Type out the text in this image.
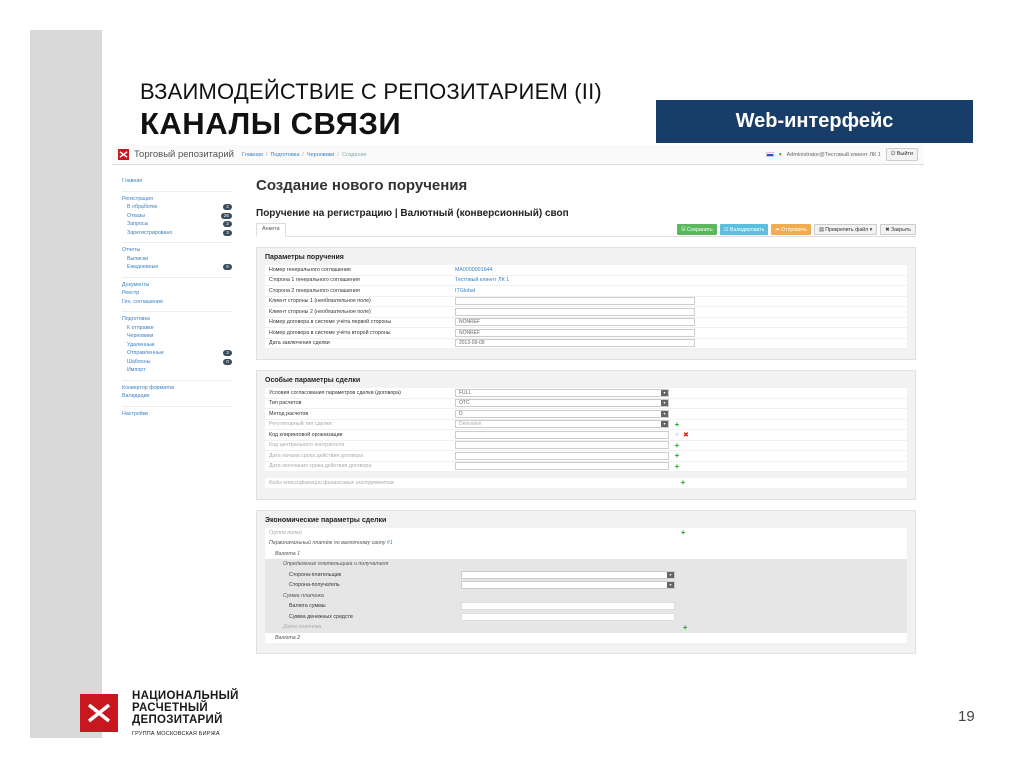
ВЗАИМОДЕЙСТВИЕ С РЕПОЗИТАРИЕМ (II)
КАНАЛЫ СВЯЗИ	Web-интерфейс
Торговый репозитарий Главная / Подготовка / Черновики / Создание	▾ Administrator@Тестовый клиент ЛК 1	⏻ Выйти
Главная
Регистрация
В обработке	2
Отказы	26
Запросы	2
Зарегистрировано	3
Отчеты
Выписки
Ежедневные	6
Документы
Реестр
Ген. соглашения
Подготовка
К отправке
Черновики
Удаленные
Отправленные	3
Шаблоны	0
Импорт
Конвертор форматов
Валидация
Настройки
Создание нового поручения
Поручение на регистрацию | Валютный (конверсионный) своп
Анкета	🖫
Сохранить ☑
Валидировать ➦
Отправить ▤
Прикрепить файл ▾	✖
Закрыть
Параметры поручения
Номер генерального соглашения	MA0000001644
Сторона 1 генерального соглашения	Тестовый клиент ЛК 1
Сторона 2 генерального соглашения	ITGlobal
Клиент стороны 1 (необязательное поле)
Клиент стороны 2 (необязательное поле)
Номер договора в системе учёта первой стороны	NONREF
Номер договора в системе учёта второй стороны	NONREF
Дата заключения сделки	2013-09-09
Особые параметры сделки
Условия согласования параметров сделки (договора)	FULL	▾
Тип расчетов	OTC	▾
Метод расчетов	D	▾
Регуляторный тип сделки	Derivative	▾	+
Код клиринговой организации	+ ✖
Код центрального контрагента	+
Дата начала срока действия договора	+
Дата окончания срока действия договора	+
Коды классификации финансовых инструментов	+
Экономические параметры сделки
Группа полей	+
Первоначальный платёж по валютному свопу
#1
Валюта 1
Определение плательщика и получателя
Сторона-плательщик	▾
Сторона-получатель	▾
Сумма платежа
Валюта суммы
Сумма денежных средств
Дата платежа	+
Валюта 2
НАЦИОНАЛЬНЫЙ
РАСЧЕТНЫЙ
ДЕПОЗИТАРИЙ
ГРУППА МОСКОВСКАЯ БИРЖА
19
